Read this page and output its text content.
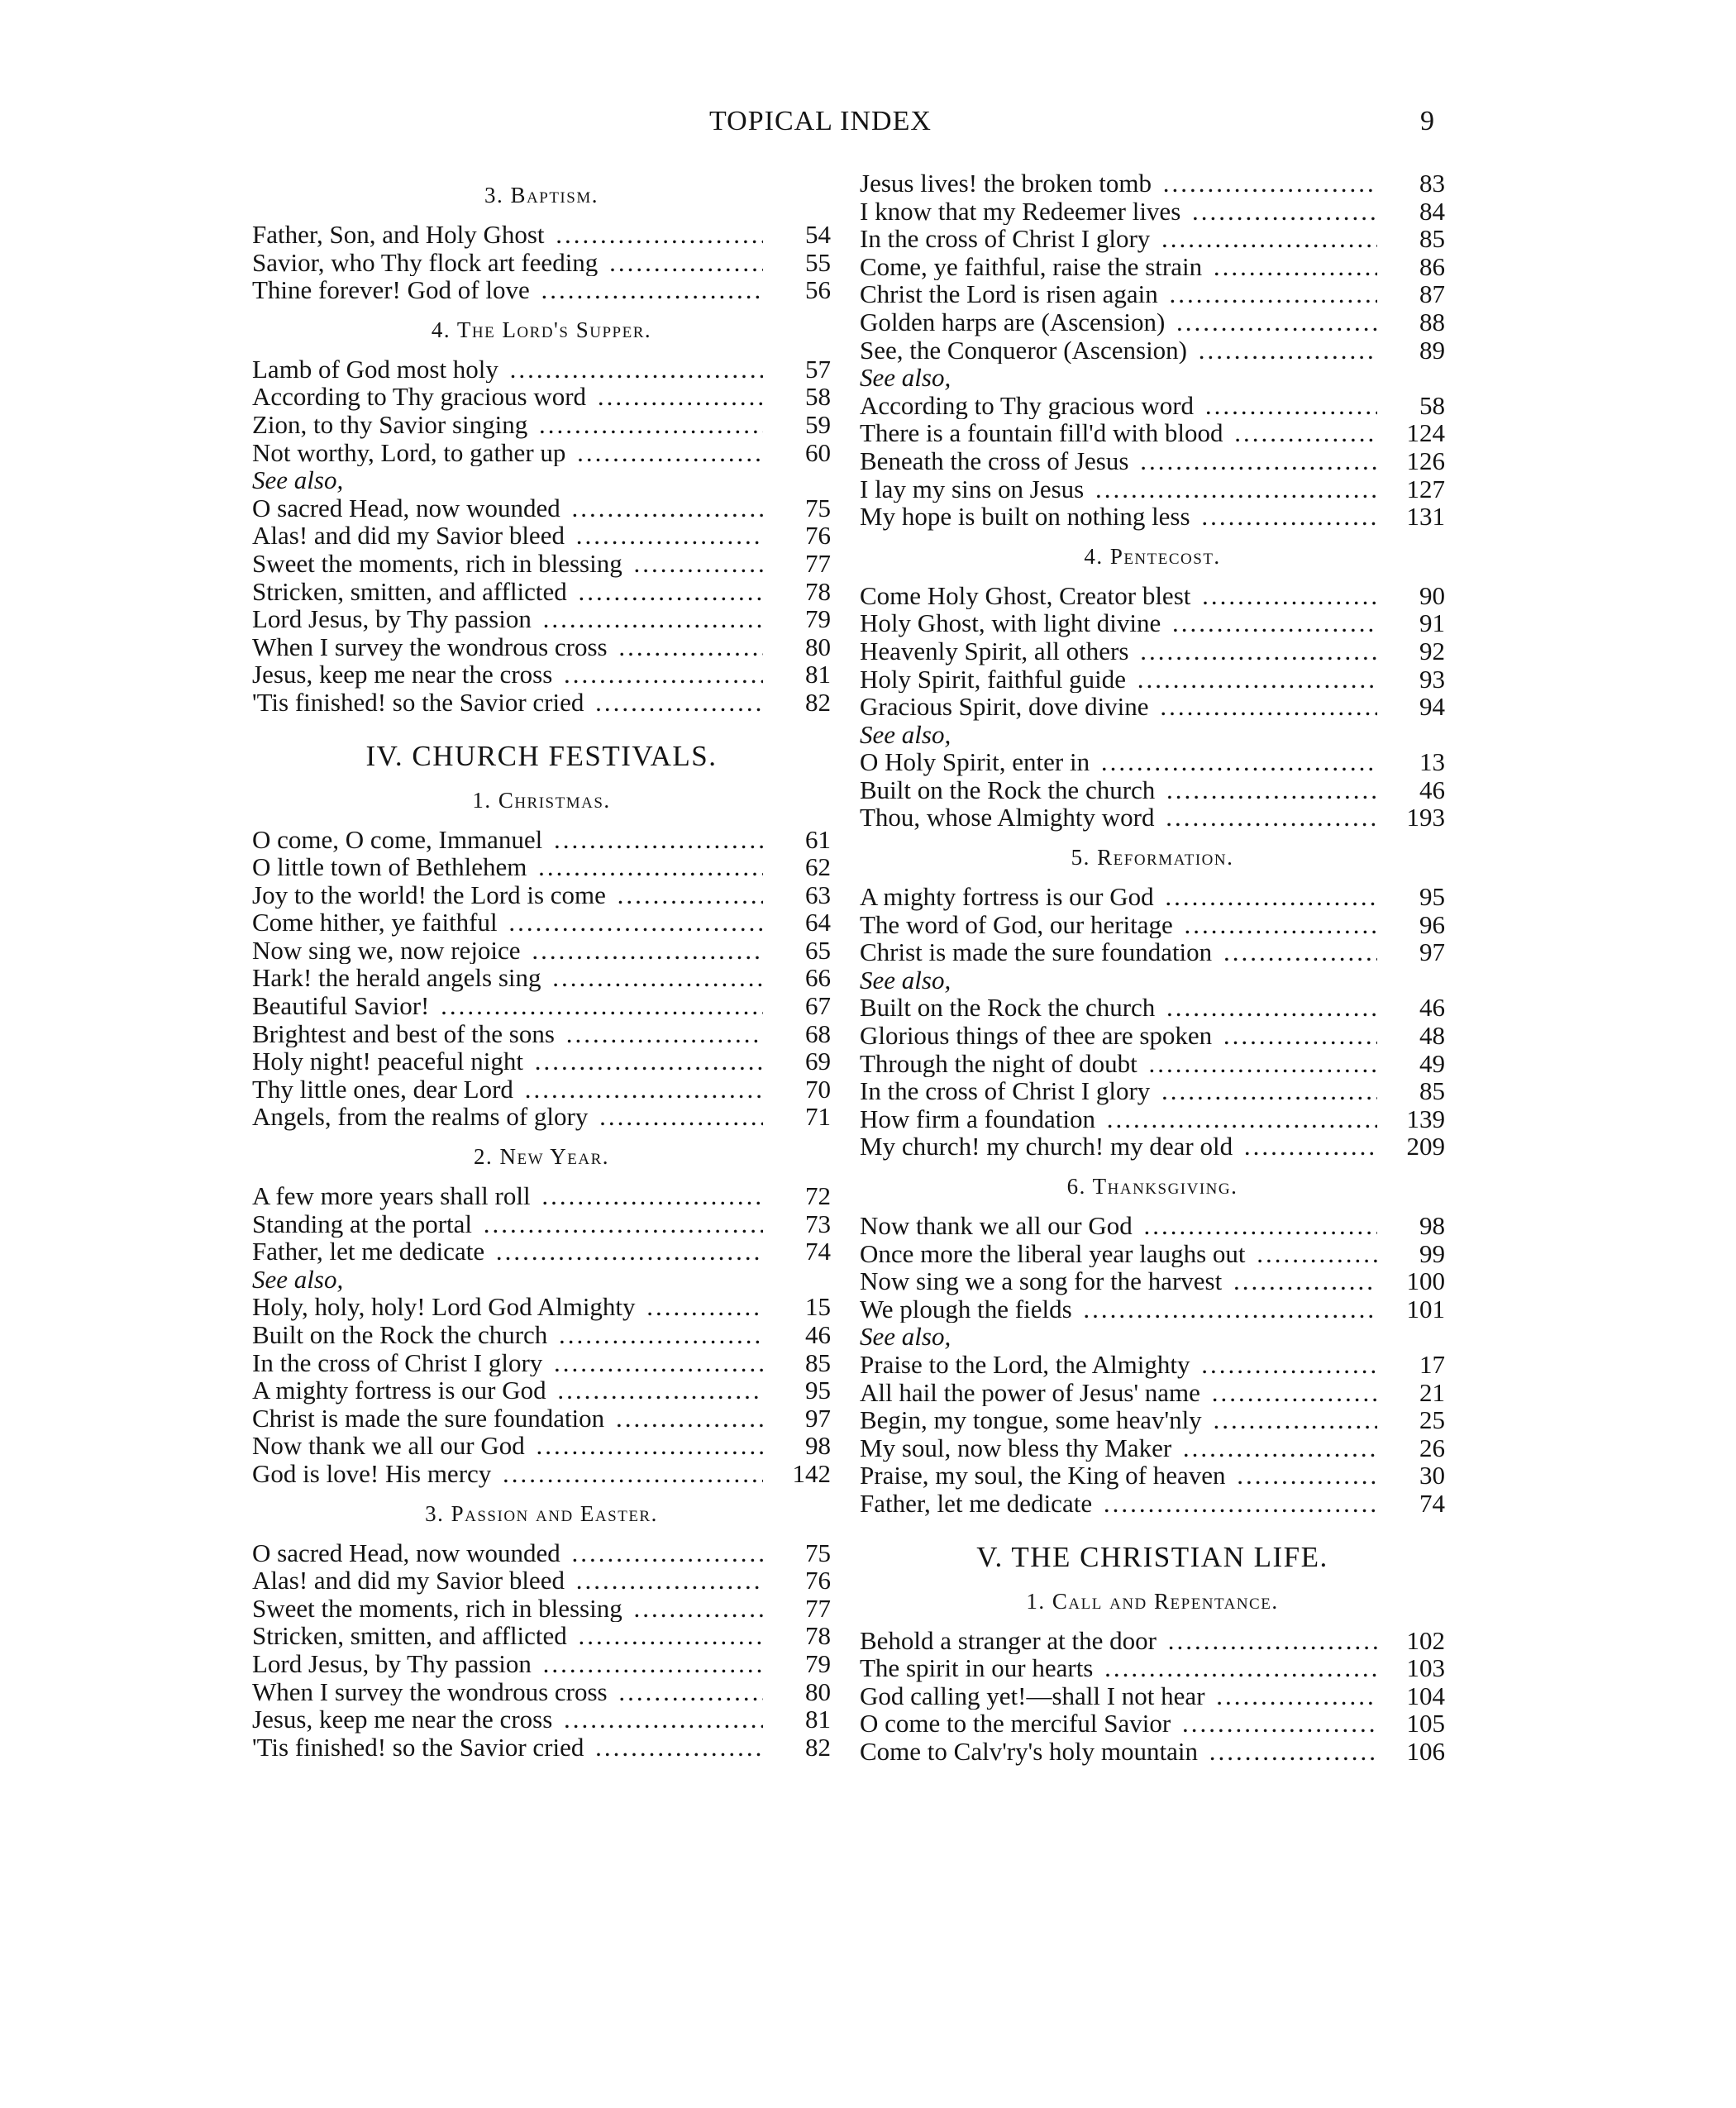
TOPICAL INDEX	9
3. Baptism.
Father, Son, and Holy Ghost .....	54
Savior, who Thy flock art feeding .....	55
Thine forever! God of love .....	56
4. The Lord's Supper.
Lamb of God most holy .....	57
According to Thy gracious word .....	58
Zion, to thy Savior singing .....	59
Not worthy, Lord, to gather up .....	60
See also,
O sacred Head, now wounded .....	75
Alas! and did my Savior bleed .....	76
Sweet the moments, rich in blessing .....	77
Stricken, smitten, and afflicted .....	78
Lord Jesus, by Thy passion .....	79
When I survey the wondrous cross .....	80
Jesus, keep me near the cross .....	81
'Tis finished! so the Savior cried .....	82
IV. CHURCH FESTIVALS.
1. Christmas.
O come, O come, Immanuel .....	61
O little town of Bethlehem .....	62
Joy to the world! the Lord is come .....	63
Come hither, ye faithful .....	64
Now sing we, now rejoice .....	65
Hark! the herald angels sing .....	66
Beautiful Savior! .....	67
Brightest and best of the sons .....	68
Holy night! peaceful night .....	69
Thy little ones, dear Lord .....	70
Angels, from the realms of glory .....	71
2. New Year.
A few more years shall roll .....	72
Standing at the portal .....	73
Father, let me dedicate .....	74
See also,
Holy, holy, holy! Lord God Almighty .....	15
Built on the Rock the church .....	46
In the cross of Christ I glory .....	85
A mighty fortress is our God .....	95
Christ is made the sure foundation .....	97
Now thank we all our God .....	98
God is love! His mercy .....	142
3. Passion and Easter.
O sacred Head, now wounded .....	75
Alas! and did my Savior bleed .....	76
Sweet the moments, rich in blessing .....	77
Stricken, smitten, and afflicted .....	78
Lord Jesus, by Thy passion .....	79
When I survey the wondrous cross .....	80
Jesus, keep me near the cross .....	81
'Tis finished! so the Savior cried .....	82
Jesus lives! the broken tomb .....	83
I know that my Redeemer lives .....	84
In the cross of Christ I glory .....	85
Come, ye faithful, raise the strain .....	86
Christ the Lord is risen again .....	87
Golden harps are (Ascension) .....	88
See, the Conqueror (Ascension) .....	89
See also,
According to Thy gracious word .....	58
There is a fountain fill'd with blood .....	124
Beneath the cross of Jesus .....	126
I lay my sins on Jesus .....	127
My hope is built on nothing less .....	131
4. Pentecost.
Come Holy Ghost, Creator blest .....	90
Holy Ghost, with light divine .....	91
Heavenly Spirit, all others .....	92
Holy Spirit, faithful guide .....	93
Gracious Spirit, dove divine .....	94
See also,
O Holy Spirit, enter in .....	13
Built on the Rock the church .....	46
Thou, whose Almighty word .....	193
5. Reformation.
A mighty fortress is our God .....	95
The word of God, our heritage .....	96
Christ is made the sure foundation .....	97
See also,
Built on the Rock the church .....	46
Glorious things of thee are spoken .....	48
Through the night of doubt .....	49
In the cross of Christ I glory .....	85
How firm a foundation .....	139
My church! my church! my dear old .....	209
6. Thanksgiving.
Now thank we all our God .....	98
Once more the liberal year laughs out .....	99
Now sing we a song for the harvest .....	100
We plough the fields .....	101
See also,
Praise to the Lord, the Almighty .....	17
All hail the power of Jesus' name .....	21
Begin, my tongue, some heav'nly .....	25
My soul, now bless thy Maker .....	26
Praise, my soul, the King of heaven .....	30
Father, let me dedicate .....	74
V. THE CHRISTIAN LIFE.
1. Call and Repentance.
Behold a stranger at the door .....	102
The spirit in our hearts .....	103
God calling yet!—shall I not hear .....	104
O come to the merciful Savior .....	105
Come to Calv'ry's holy mountain .....	106
